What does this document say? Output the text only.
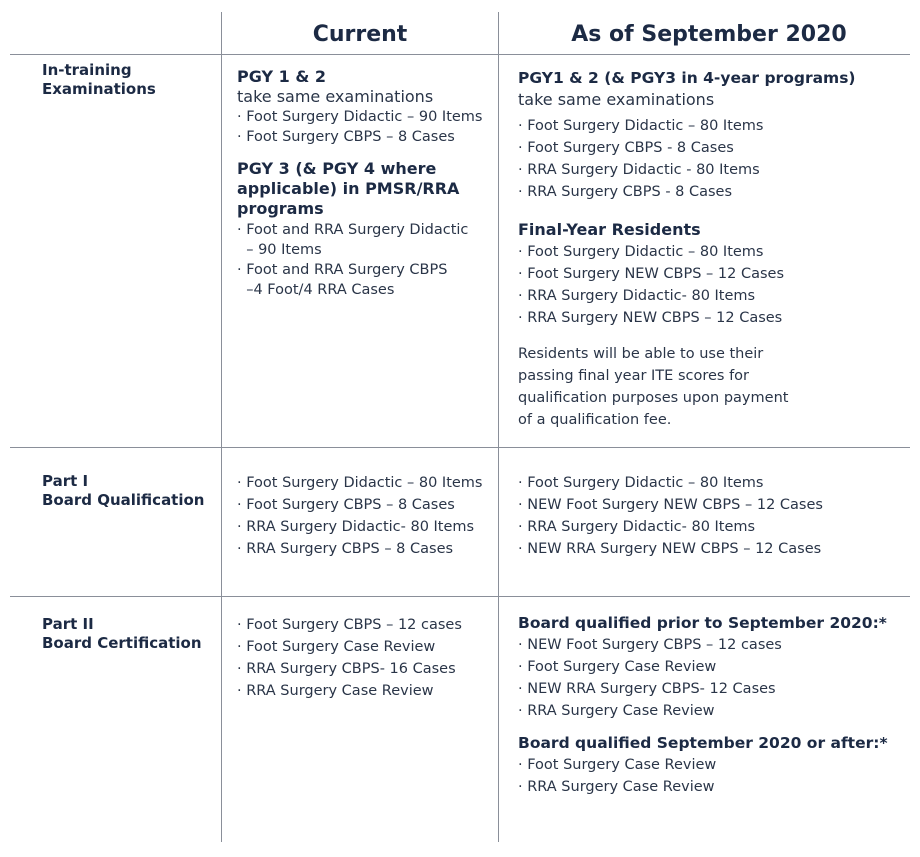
Current	As of September 2020
In-training
Examinations
Part I
Board Qualification
Part II
Board Certification
PGY 1 & 2
take same examinations
· Foot Surgery Didactic – 90 Items
· Foot Surgery CBPS – 8 Cases
PGY 3 (& PGY 4 where
applicable) in PMSR/RRA
programs
· Foot and RRA Surgery Didactic
– 90 Items
· Foot and RRA Surgery CBPS
–4 Foot/4 RRA Cases
PGY1 & 2 (& PGY3 in 4-year programs)
take same examinations
· Foot Surgery Didactic – 80 Items
· Foot Surgery CBPS - 8 Cases
· RRA Surgery Didactic - 80 Items
· RRA Surgery CBPS - 8 Cases
Final-Year Residents
· Foot Surgery Didactic – 80 Items
· Foot Surgery NEW CBPS – 12 Cases
· RRA Surgery Didactic- 80 Items
· RRA Surgery NEW CBPS – 12 Cases
Residents will be able to use their
passing final year ITE scores for
qualification purposes upon payment
of a qualification fee.
· Foot Surgery Didactic – 80 Items
· Foot Surgery CBPS – 8 Cases
· RRA Surgery Didactic- 80 Items
· RRA Surgery CBPS – 8 Cases
· Foot Surgery Didactic – 80 Items
· NEW Foot Surgery NEW CBPS – 12 Cases
· RRA Surgery Didactic- 80 Items
· NEW RRA Surgery NEW CBPS – 12 Cases
· Foot Surgery CBPS – 12 cases
· Foot Surgery Case Review
· RRA Surgery CBPS- 16 Cases
· RRA Surgery Case Review
Board qualified prior to September 2020:*
· NEW Foot Surgery CBPS – 12 cases
· Foot Surgery Case Review
· NEW RRA Surgery CBPS- 12 Cases
· RRA Surgery Case Review
Board qualified September 2020 or after:*
· Foot Surgery Case Review
· RRA Surgery Case Review
